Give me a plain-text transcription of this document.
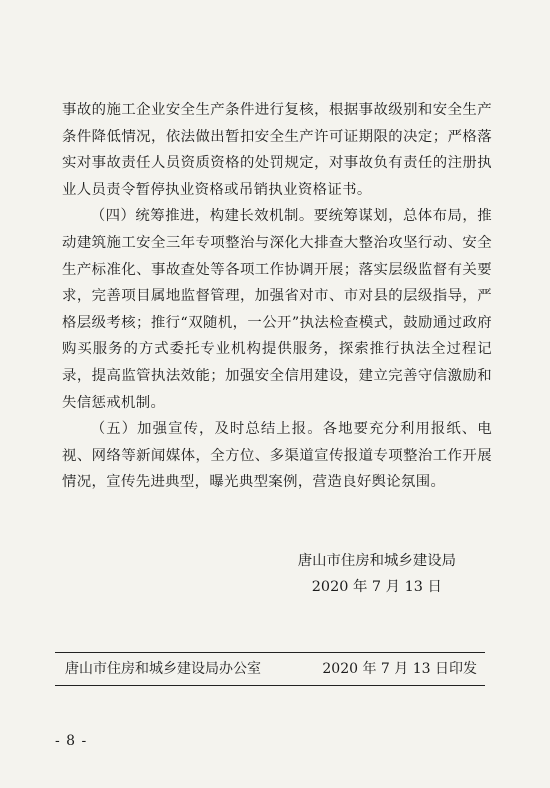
事故的施工企业安全生产条件进行复核，根据事故级别和安全生产条件降低情况，依法做出暂扣安全生产许可证期限的决定；严格落实对事故责任人员资质资格的处罚规定，对事故负有责任的注册执业人员责令暂停执业资格或吊销执业资格证书。

（四）统筹推进，构建长效机制。要统筹谋划，总体布局，推动建筑施工安全三年专项整治与深化大排查大整治攻坚行动、安全生产标准化、事故查处等各项工作协调开展；落实层级监督有关要求，完善项目属地监督管理，加强省对市、市对县的层级指导，严格层级考核；推行“双随机，一公开”执法检查模式，鼓励通过政府购买服务的方式委托专业机构提供服务，探索推行执法全过程记录，提高监管执法效能；加强安全信用建设，建立完善守信激励和失信惩戒机制。

（五）加强宣传，及时总结上报。各地要充分利用报纸、电视、网络等新闻媒体，全方位、多渠道宣传报道专项整治工作开展情况，宣传先进典型，曝光典型案例，营造良好舆论氛围。

唐山市住房和城乡建设局
2020 年 7 月 13 日
唐山市住房和城乡建设局办公室	2020 年 7 月 13 日印发
- 8 -
